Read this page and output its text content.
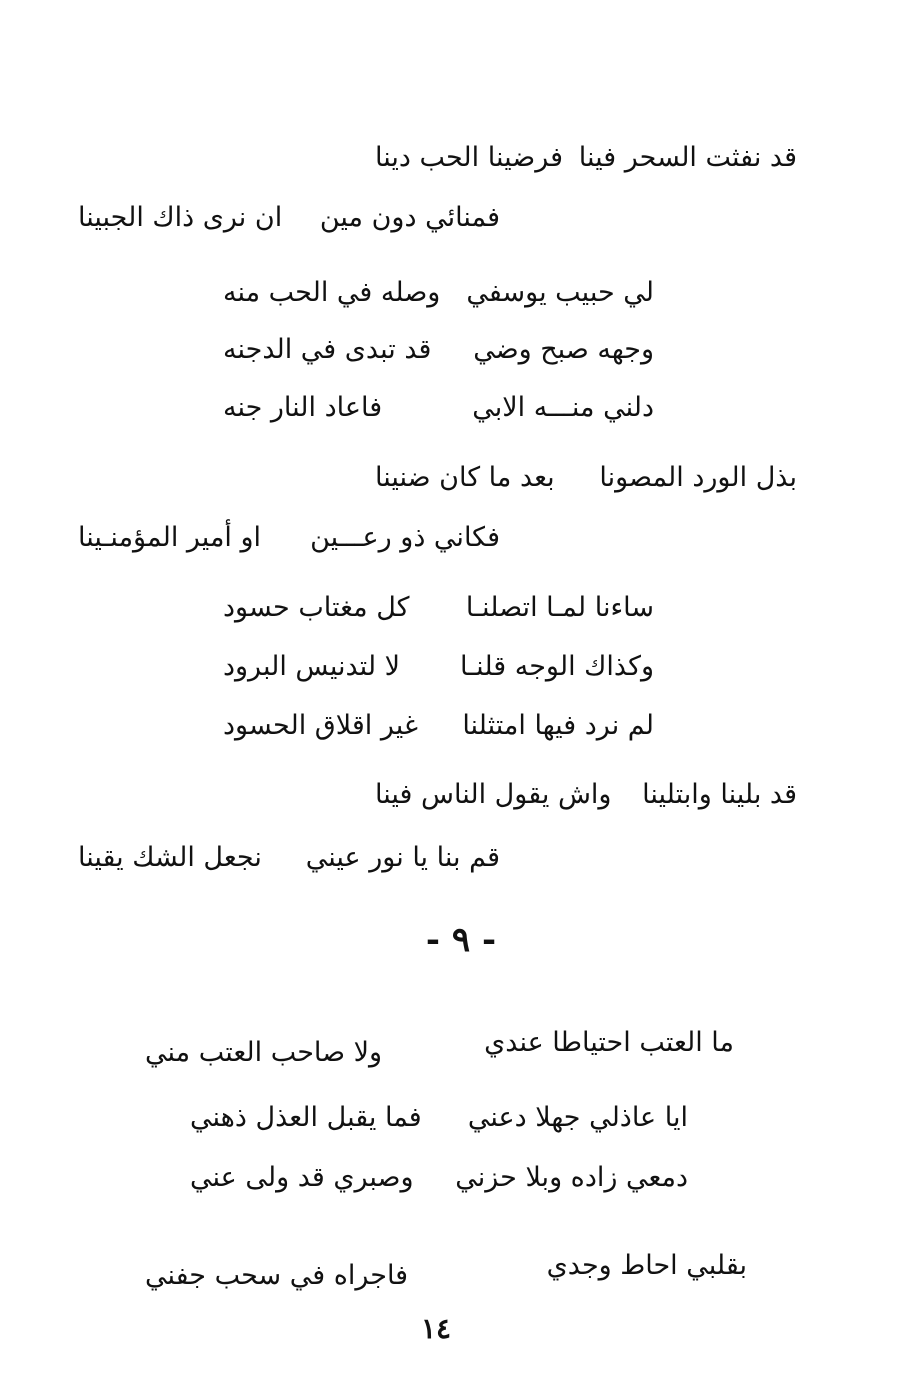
قد نفثت السحر فينا
فرضينا الحب دينا
فمنائي دون مين
ان نرى ذاك الجبينا
لي حبيب يوسفي
وصله في الحب منه
وجهه صبح وضي
قد تبدى في الدجنه
دلني منـــه الابي
فاعاد النار جنه
بذل الورد المصونا
بعد ما كان ضنينا
فكاني ذو رعـــين
او أمير المؤمنـينا
ساءنا لمـا اتصلنـا
كل مغتاب حسود
وكذاك الوجه قلنـا
لا لتدنيس البرود
لم نرد فيها امتثلنا
غير اقلاق الحسود
قد بلينا وابتلينا
واش يقول الناس فينا
قم بنا يا نور عيني
نجعل الشك يقينا
- ٩ -
ما العتب احتياطا عندي
ولا صاحب العتب مني
ايا عاذلي جهلا دعني
فما يقبل العذل ذهني
دمعي زاده وبلا حزني
وصبري قد ولى عني
بقلبي احاط وجدي
فاجراه في سحب جفني
١٤
